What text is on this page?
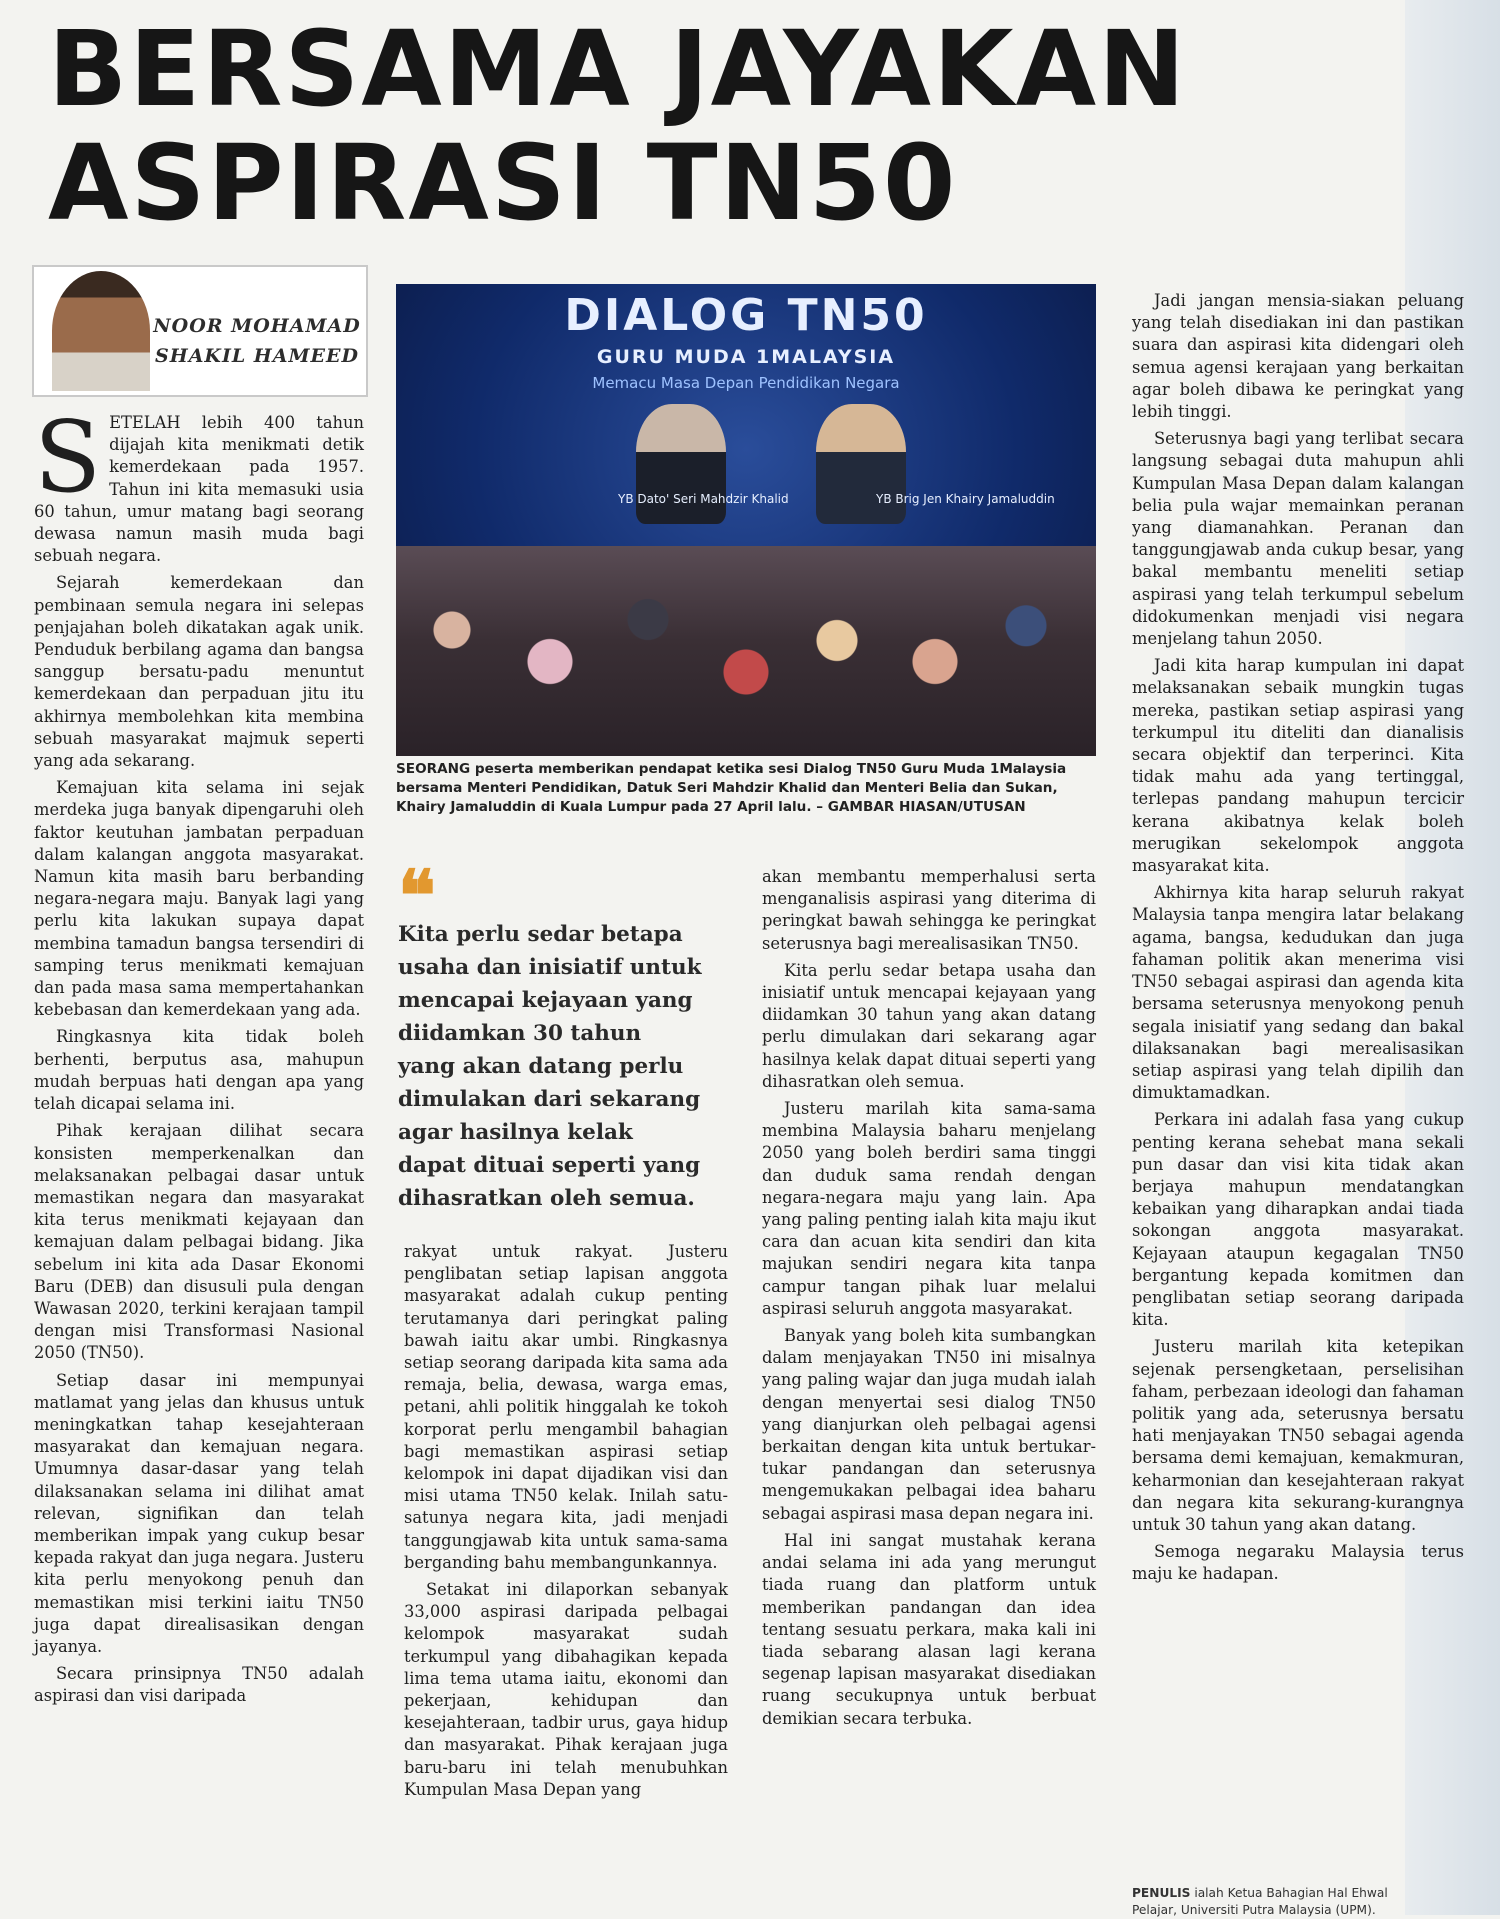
BERSAMA JAYAKAN
ASPIRASI TN50
NOOR MOHAMAD
SHAKIL HAMEED

SETELAH lebih 400 tahun dijajah kita menikmati detik kemerdekaan pada 1957. Tahun ini kita memasuki usia 60 tahun, umur matang bagi seorang dewasa namun masih muda bagi sebuah negara.

Sejarah kemerdekaan dan pembinaan semula negara ini selepas penjajahan boleh dikatakan agak unik. Penduduk berbilang agama dan bangsa sanggup bersatu-padu menuntut kemerdekaan dan perpaduan jitu itu akhirnya membolehkan kita membina sebuah masyarakat majmuk seperti yang ada sekarang.

Kemajuan kita selama ini sejak merdeka juga banyak dipengaruhi oleh faktor keutuhan jambatan perpaduan dalam kalangan anggota masyarakat. Namun kita masih baru berbanding negara-negara maju. Banyak lagi yang perlu kita lakukan supaya dapat membina tamadun bangsa tersendiri di samping terus menikmati kemajuan dan pada masa sama mempertahankan kebebasan dan kemerdekaan yang ada.

Ringkasnya kita tidak boleh berhenti, berputus asa, mahupun mudah berpuas hati dengan apa yang telah dicapai selama ini.

Pihak kerajaan dilihat secara konsisten memperkenalkan dan melaksanakan pelbagai dasar untuk memastikan negara dan masyarakat kita terus menikmati kejayaan dan kemajuan dalam pelbagai bidang. Jika sebelum ini kita ada Dasar Ekonomi Baru (DEB) dan disusuli pula dengan Wawasan 2020, terkini kerajaan tampil dengan misi Transformasi Nasional 2050 (TN50).

Setiap dasar ini mempunyai matlamat yang jelas dan khusus untuk meningkatkan tahap kesejahteraan masyarakat dan kemajuan negara. Umumnya dasar-dasar yang telah dilaksanakan selama ini dilihat amat relevan, signifikan dan telah memberikan impak yang cukup besar kepada rakyat dan juga negara. Justeru kita perlu menyokong penuh dan memastikan misi terkini iaitu TN50 juga dapat direalisasikan dengan jayanya.

Secara prinsipnya TN50 adalah aspirasi dan visi daripada

DIALOG TN50
GURU MUDA 1MALAYSIA
Memacu Masa Depan Pendidikan Negara
YB Dato' Seri Mahdzir Khalid	YB Brig Jen Khairy Jamaluddin
SEORANG peserta memberikan pendapat ketika sesi Dialog TN50 Guru Muda 1Malaysia bersama Menteri Pendidikan, Datuk Seri Mahdzir Khalid dan Menteri Belia dan Sukan, Khairy Jamaluddin di Kuala Lumpur pada 27 April lalu. – GAMBAR HIASAN/UTUSAN
❝
Kita perlu sedar betapa
usaha dan inisiatif untuk
mencapai kejayaan yang
diidamkan 30 tahun
yang akan datang perlu
dimulakan dari sekarang
agar hasilnya kelak
dapat dituai seperti yang
dihasratkan oleh semua.

rakyat untuk rakyat. Justeru penglibatan setiap lapisan anggota masyarakat adalah cukup penting terutamanya dari peringkat paling bawah iaitu akar umbi. Ringkasnya setiap seorang daripada kita sama ada remaja, belia, dewasa, warga emas, petani, ahli politik hinggalah ke tokoh korporat perlu mengambil bahagian bagi memastikan aspirasi setiap kelompok ini dapat dijadikan visi dan misi utama TN50 kelak. Inilah satu-satunya negara kita, jadi menjadi tanggungjawab kita untuk sama-sama berganding bahu membangunkannya.

Setakat ini dilaporkan sebanyak 33,000 aspirasi daripada pelbagai kelompok masyarakat sudah terkumpul yang dibahagikan kepada lima tema utama iaitu, ekonomi dan pekerjaan, kehidupan dan kesejahteraan, tadbir urus, gaya hidup dan masyarakat. Pihak kerajaan juga baru-baru ini telah menubuhkan Kumpulan Masa Depan yang

akan membantu memperhalusi serta menganalisis aspirasi yang diterima di peringkat bawah sehingga ke peringkat seterusnya bagi merealisasikan TN50.

Kita perlu sedar betapa usaha dan inisiatif untuk mencapai kejayaan yang diidamkan 30 tahun yang akan datang perlu dimulakan dari sekarang agar hasilnya kelak dapat dituai seperti yang dihasratkan oleh semua.

Justeru marilah kita sama-sama membina Malaysia baharu menjelang 2050 yang boleh berdiri sama tinggi dan duduk sama rendah dengan negara-negara maju yang lain. Apa yang paling penting ialah kita maju ikut cara dan acuan kita sendiri dan kita majukan sendiri negara kita tanpa campur tangan pihak luar melalui aspirasi seluruh anggota masyarakat.

Banyak yang boleh kita sumbangkan dalam menjayakan TN50 ini misalnya yang paling wajar dan juga mudah ialah dengan menyertai sesi dialog TN50 yang dianjurkan oleh pelbagai agensi berkaitan dengan kita untuk bertukar-tukar pandangan dan seterusnya mengemukakan pelbagai idea baharu sebagai aspirasi masa depan negara ini.

Hal ini sangat mustahak kerana andai selama ini ada yang merungut tiada ruang dan platform untuk memberikan pandangan dan idea tentang sesuatu perkara, maka kali ini tiada sebarang alasan lagi kerana segenap lapisan masyarakat disediakan ruang secukupnya untuk berbuat demikian secara terbuka.

Jadi jangan mensia-siakan peluang yang telah disediakan ini dan pastikan suara dan aspirasi kita didengari oleh semua agensi kerajaan yang berkaitan agar boleh dibawa ke peringkat yang lebih tinggi.

Seterusnya bagi yang terlibat secara langsung sebagai duta mahupun ahli Kumpulan Masa Depan dalam kalangan belia pula wajar memainkan peranan yang diamanahkan. Peranan dan tanggungjawab anda cukup besar, yang bakal membantu meneliti setiap aspirasi yang telah terkumpul sebelum didokumenkan menjadi visi negara menjelang tahun 2050.

Jadi kita harap kumpulan ini dapat melaksanakan sebaik mungkin tugas mereka, pastikan setiap aspirasi yang terkumpul itu diteliti dan dianalisis secara objektif dan terperinci. Kita tidak mahu ada yang tertinggal, terlepas pandang mahupun tercicir kerana akibatnya kelak boleh merugikan sekelompok anggota masyarakat kita.

Akhirnya kita harap seluruh rakyat Malaysia tanpa mengira latar belakang agama, bangsa, kedudukan dan juga fahaman politik akan menerima visi TN50 sebagai aspirasi dan agenda kita bersama seterusnya menyokong penuh segala inisiatif yang sedang dan bakal dilaksanakan bagi merealisasikan setiap aspirasi yang telah dipilih dan dimuktamadkan.

Perkara ini adalah fasa yang cukup penting kerana sehebat mana sekali pun dasar dan visi kita tidak akan berjaya mahupun mendatangkan kebaikan yang diharapkan andai tiada sokongan anggota masyarakat. Kejayaan ataupun kegagalan TN50 bergantung kepada komitmen dan penglibatan setiap seorang daripada kita.

Justeru marilah kita ketepikan sejenak persengketaan, perselisihan faham, perbezaan ideologi dan fahaman politik yang ada, seterusnya bersatu hati menjayakan TN50 sebagai agenda bersama demi kemajuan, kemakmuran, keharmonian dan kesejahteraan rakyat dan negara kita sekurang-kurangnya untuk 30 tahun yang akan datang.

Semoga negaraku Malaysia terus maju ke hadapan.

PENULIS ialah Ketua Bahagian Hal Ehwal Pelajar, Universiti Putra Malaysia (UPM).
